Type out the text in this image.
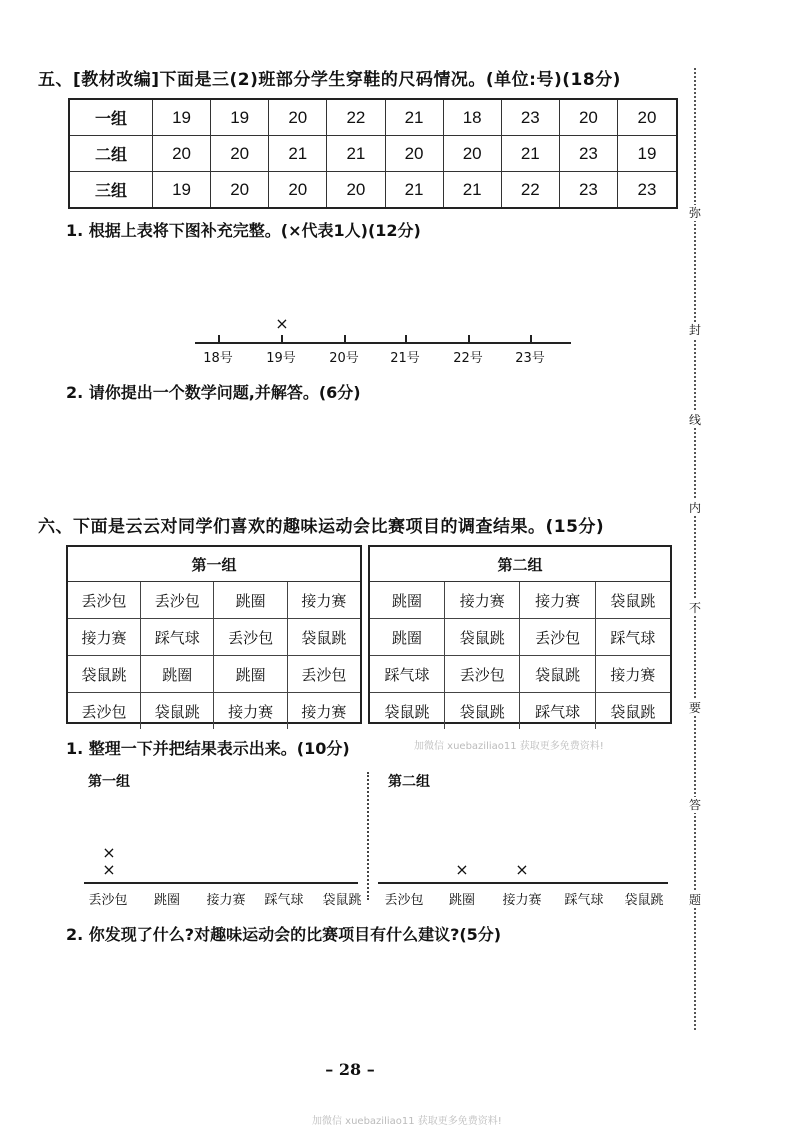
五、[教材改编]下面是三(2)班部分学生穿鞋的尺码情况。(单位:号)(18分)
一组	19	19	20	22	21	18	23	20	20
二组	20	20	21	21	20	20	21	23	19
三组	19	20	20	20	21	21	22	23	23
1. 根据上表将下图补充完整。(×代表1人)(12分)
18号	19号	20号 21号	22号 23号
×
2. 请你提出一个数学问题,并解答。(6分)
六、下面是云云对同学们喜欢的趣味运动会比赛项目的调查结果。(15分)
第一组			
丢沙包	丢沙包	跳圈	接力赛
接力赛	踩气球	丢沙包	袋鼠跳
袋鼠跳	跳圈	跳圈	丢沙包
丢沙包	袋鼠跳	接力赛	接力赛
第二组			
跳圈	接力赛	接力赛	袋鼠跳
跳圈	袋鼠跳	丢沙包	踩气球
踩气球	丢沙包	袋鼠跳	接力赛
袋鼠跳	袋鼠跳	踩气球	袋鼠跳
1. 整理一下并把结果表示出来。(10分)	加微信 xuebaziliao11 获取更多免费资料!
第一组
丢沙包 跳圈 接力赛 踩气球 袋鼠跳
×
×
第二组
丢沙包 跳圈 接力赛 踩气球 袋鼠跳
×	×
2. 你发现了什么?对趣味运动会的比赛项目有什么建议?(5分)
– 28 –
加微信 xuebaziliao11 获取更多免费资料!
弥
封
线
内
不
要
答
题
